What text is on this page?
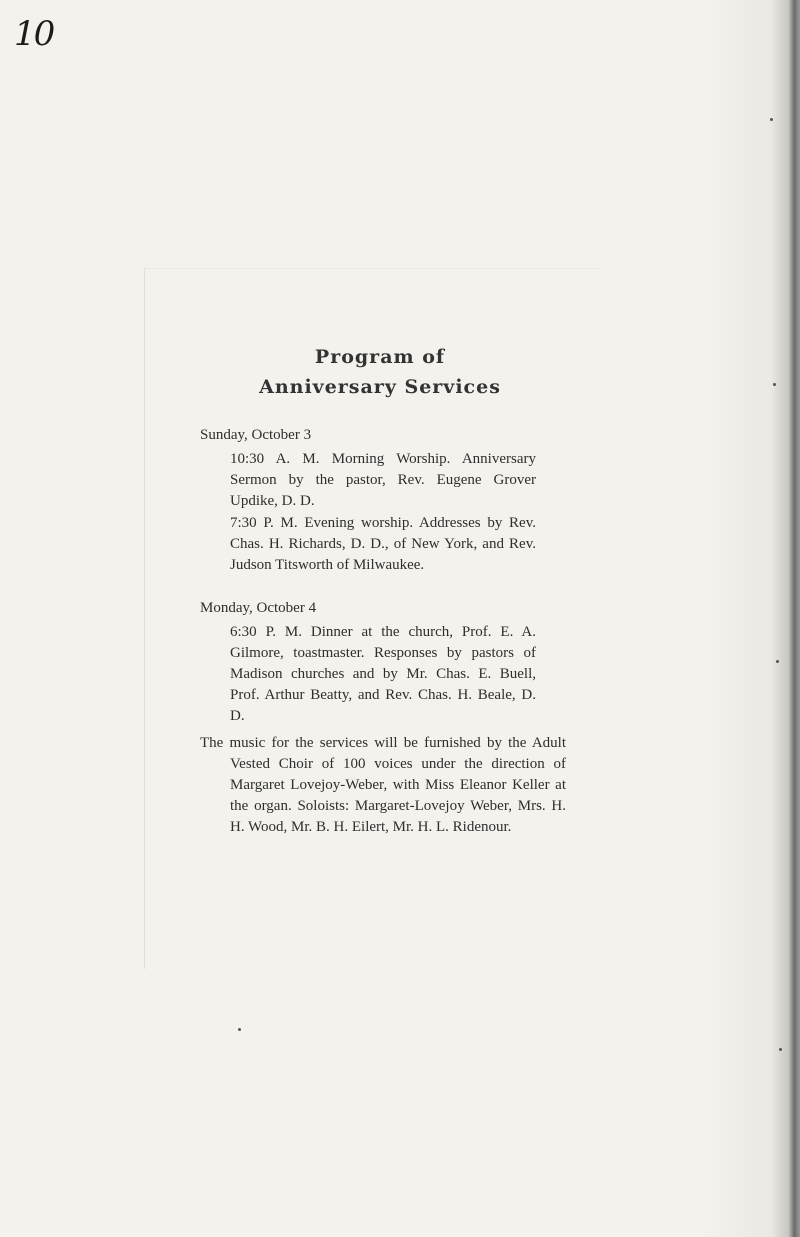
10
Program of
Anniversary Services
Sunday, October 3
10:30 A. M. Morning Worship. Anniversary Sermon by the pastor, Rev. Eugene Grover Updike, D. D.
7:30 P. M. Evening worship. Addresses by Rev. Chas. H. Richards, D. D., of New York, and Rev. Judson Titsworth of Milwaukee.
Monday, October 4
6:30 P. M. Dinner at the church, Prof. E. A. Gilmore, toastmaster. Responses by pastors of Madison churches and by Mr. Chas. E. Buell, Prof. Arthur Beatty, and Rev. Chas. H. Beale, D. D.
The music for the services will be furnished by the Adult Vested Choir of 100 voices under the direction of Margaret Lovejoy-Weber, with Miss Eleanor Keller at the organ. Soloists: Margaret-Lovejoy Weber, Mrs. H. H. Wood, Mr. B. H. Eilert, Mr. H. L. Ridenour.
